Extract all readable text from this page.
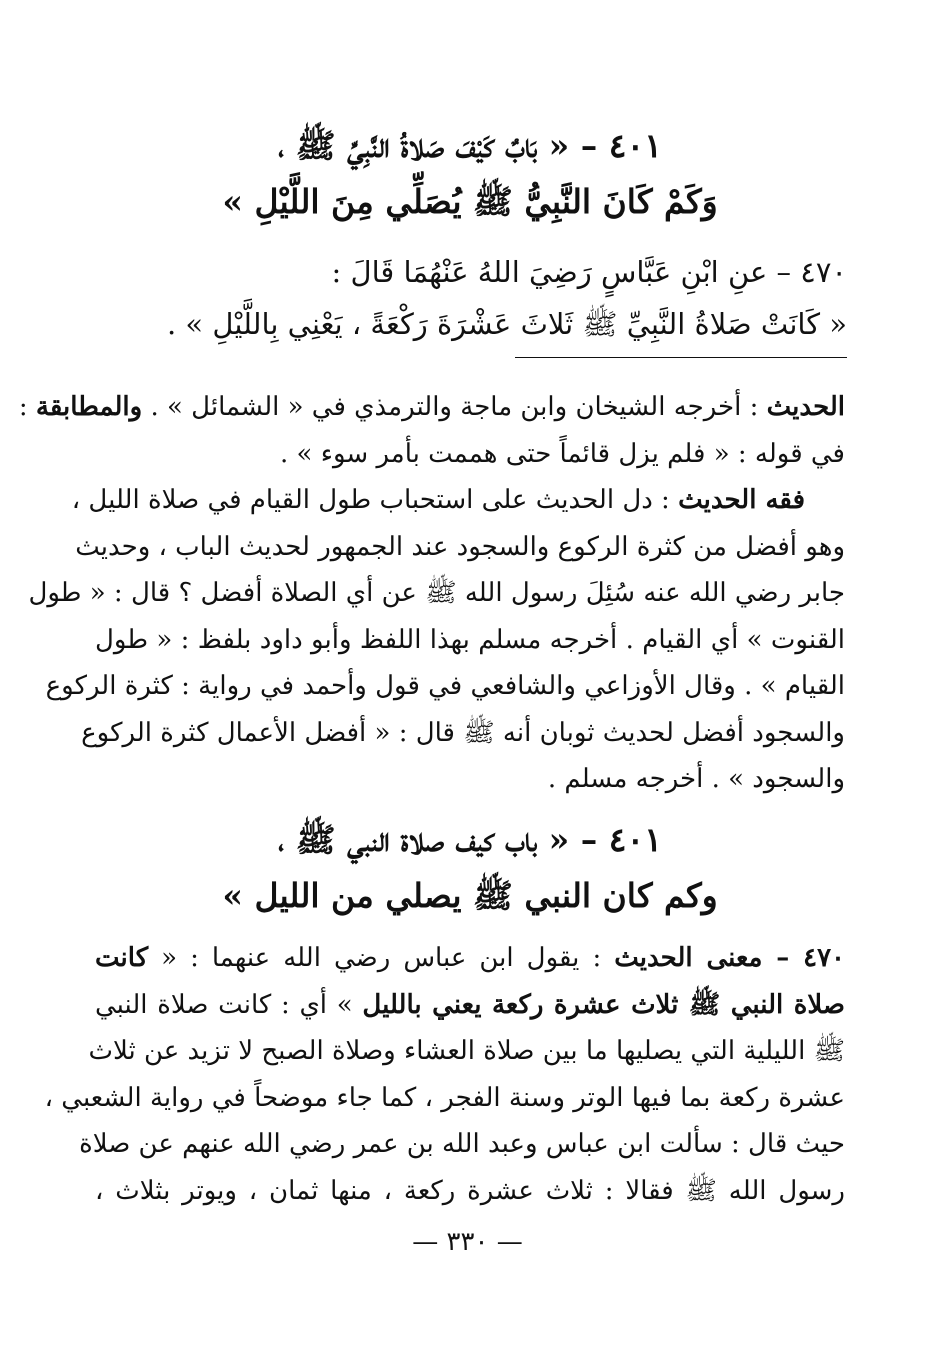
٤٠١ – « بَابٌ كَيْفَ صَلاةُ النَّبِيِّ ﷺ ،
وَكَمْ كَانَ النَّبِيُّ ﷺ يُصَلِّي مِنَ اللَّيْلِ »
٤٧٠ – عنِ ابْنِ عَبَّاسٍ رَضِيَ اللهُ عَنْهُمَا قَالَ :
« كَانَتْ صَلاةُ النَّبِيِّ ﷺ ثَلاثَ عَشْرَةَ رَكْعَةً ، يَعْنِي بِاللَّيْلِ » .
الحديث : أخرجه الشيخان وابن ماجة والترمذي في « الشمائل » . والمطابقة :
في قوله : « فلم يزل قائماً حتى هممت بأمر سوء » .
فقه الحديث : دل الحديث على استحباب طول القيام في صلاة الليل ،
وهو أفضل من كثرة الركوع والسجود عند الجمهور لحديث الباب ، وحديث
جابر رضي الله عنه سُئِلَ رسول الله ﷺ عن أي الصلاة أفضل ؟ قال : « طول
القنوت » أي القيام . أخرجه مسلم بهذا اللفظ وأبو داود بلفظ : « طول
القيام » . وقال الأوزاعي والشافعي في قول وأحمد في رواية : كثرة الركوع
والسجود أفضل لحديث ثوبان أنه ﷺ قال : « أفضل الأعمال كثرة الركوع
والسجود » . أخرجه مسلم .
٤٠١ – « باب كيف صلاة النبي ﷺ ،
وكم كان النبي ﷺ يصلي من الليل »
٤٧٠ – معنى الحديث : يقول ابن عباس رضي الله عنهما : « كانت
صلاة النبي ﷺ ثلاث عشرة ركعة يعني بالليل » أي : كانت صلاة النبي
ﷺ الليلية التي يصليها ما بين صلاة العشاء وصلاة الصبح لا تزيد عن ثلاث
عشرة ركعة بما فيها الوتر وسنة الفجر ، كما جاء موضحاً في رواية الشعبي ،
حيث قال : سألت ابن عباس وعبد الله بن عمر رضي الله عنهم عن صلاة
رسول الله ﷺ فقالا : ثلاث عشرة ركعة ، منها ثمان ، ويوتر بثلاث ،
— ٣٣٠ —
